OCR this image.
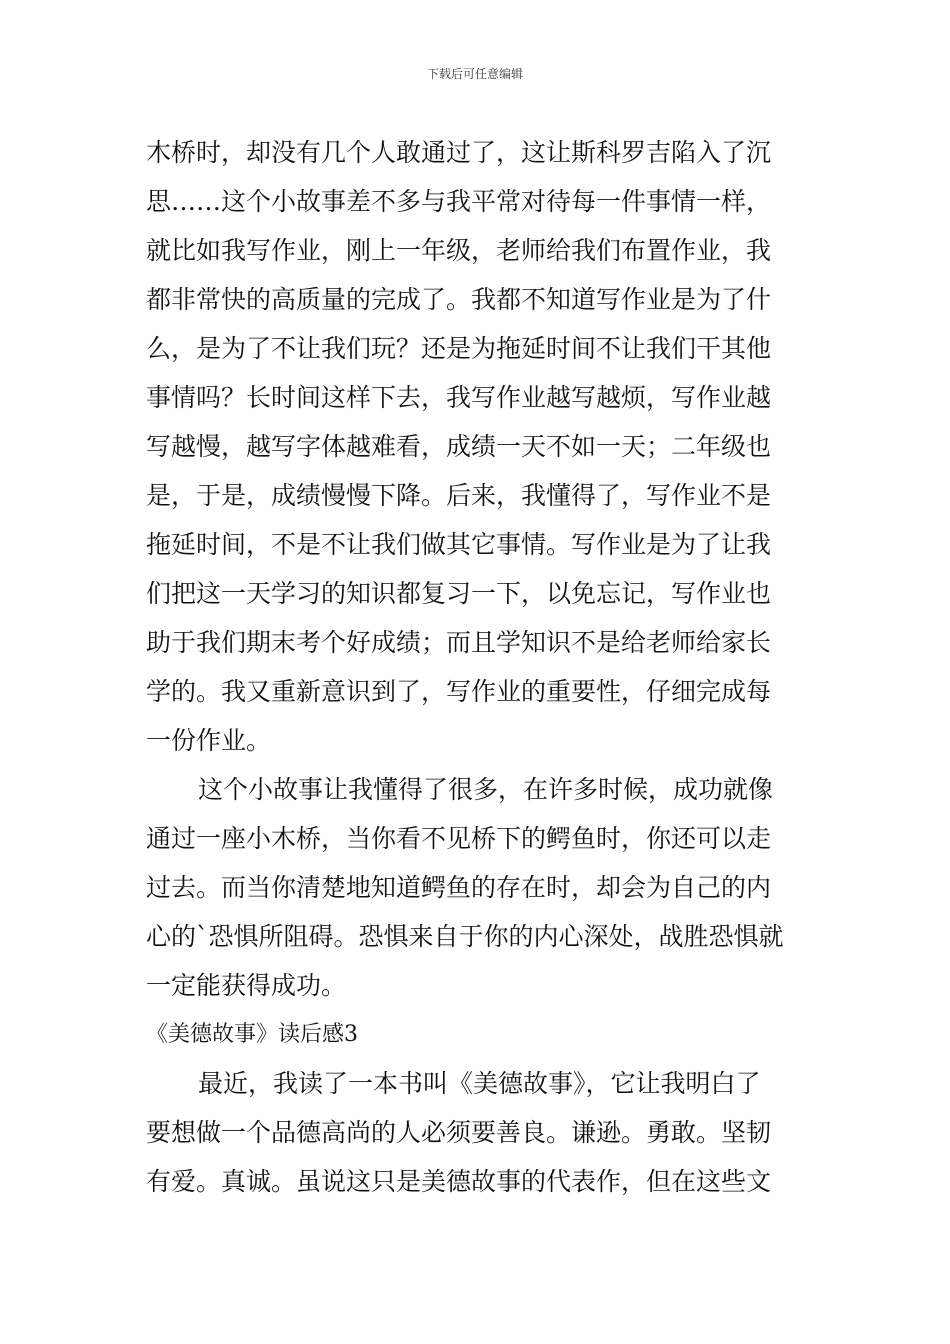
下载后可任意编辑
木桥时，却没有几个人敢通过了，这让斯科罗吉陷入了沉
思……这个小故事差不多与我平常对待每一件事情一样，
就比如我写作业，刚上一年级，老师给我们布置作业，我
都非常快的高质量的完成了。我都不知道写作业是为了什
么，是为了不让我们玩？还是为拖延时间不让我们干其他
事情吗？长时间这样下去，我写作业越写越烦，写作业越
写越慢，越写字体越难看，成绩一天不如一天；二年级也
是，于是，成绩慢慢下降。后来，我懂得了，写作业不是
拖延时间，不是不让我们做其它事情。写作业是为了让我
们把这一天学习的知识都复习一下，以免忘记，写作业也
助于我们期末考个好成绩；而且学知识不是给老师给家长
学的。我又重新意识到了，写作业的重要性，仔细完成每
一份作业。
这个小故事让我懂得了很多，在许多时候，成功就像
通过一座小木桥，当你看不见桥下的鳄鱼时，你还可以走
过去。而当你清楚地知道鳄鱼的存在时，却会为自己的内
心的`恐惧所阻碍。恐惧来自于你的内心深处，战胜恐惧就
一定能获得成功。
《美德故事》读后感3
最近，我读了一本书叫《美德故事》，它让我明白了
要想做一个品德高尚的人必须要善良。谦逊。勇敢。坚韧
有爱。真诚。虽说这只是美德故事的代表作，但在这些文
